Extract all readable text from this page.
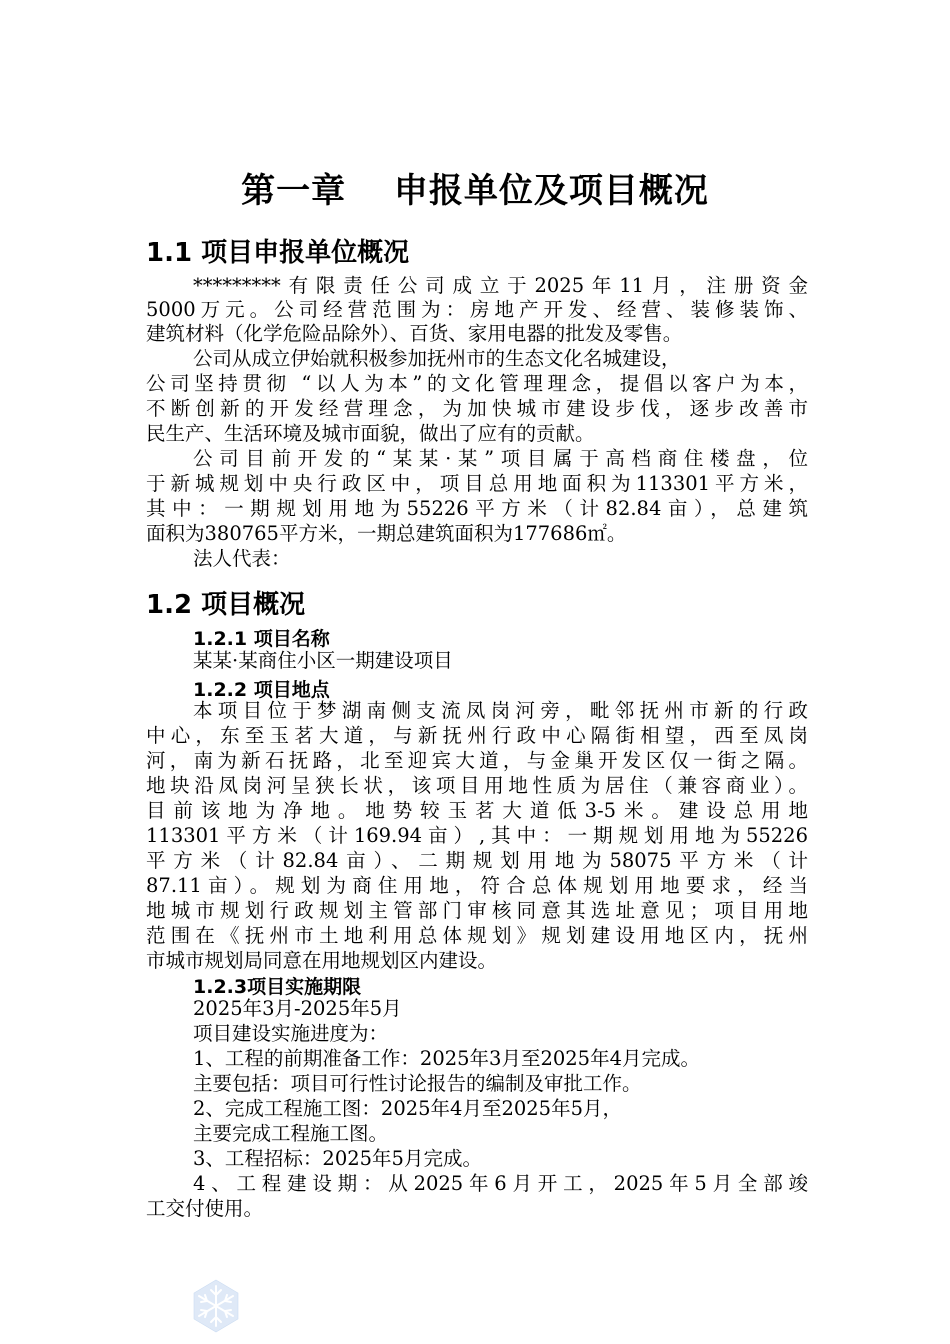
第一章　 申报单位及项目概况
1.1 项目申报单位概况
*********有限责任公司成立于2025年11月，注册资金
5000万元。公司经营范围为：房地产开发、经营、装修装饰、
建筑材料（化学危险品除外）、百货、家用电器的批发及零售。
公司从成立伊始就积极参加抚州市的生态文化名城建设，
公司坚持贯彻 “以人为本”的文化管理理念，提倡以客户为本，
不断创新的开发经营理念，为加快城市建设步伐，逐步改善市
民生产、生活环境及城市面貌，做出了应有的贡献。
公司目前开发的“某某·某”项目属于高档商住楼盘，位
于新城规划中央行政区中，项目总用地面积为113301平方米，
其中：一期规划用地为55226平方米（计82.84亩），总建筑
面积为380765平方米，一期总建筑面积为177686㎡。
法人代表：
1.2 项目概况
1.2.1 项目名称
某某·某商住小区一期建设项目
1.2.2 项目地点
本项目位于梦湖南侧支流凤岗河旁，毗邻抚州市新的行政
中心，东至玉茗大道，与新抚州行政中心隔街相望，西至凤岗
河，南为新石抚路，北至迎宾大道，与金巢开发区仅一街之隔。
地块沿凤岗河呈狭长状，该项目用地性质为居住（兼容商业）。
目前该地为净地。地势较玉茗大道低3-5米。建设总用地
113301平方米（计169.94亩）,其中：一期规划用地为55226
平方米（计82.84亩）、二期规划用地为58075平方米（计
87.11亩）。规划为商住用地，符合总体规划用地要求，经当
地城市规划行政规划主管部门审核同意其选址意见；项目用地
范围在《抚州市土地利用总体规划》规划建设用地区内，抚州
市城市规划局同意在用地规划区内建设。
1.2.3项目实施期限
2025年3月-2025年5月
项目建设实施进度为：
1、工程的前期准备工作：2025年3月至2025年4月完成。
主要包括：项目可行性讨论报告的编制及审批工作。
2、完成工程施工图：2025年4月至2025年5月，
主要完成工程施工图。
3、工程招标：2025年5月完成。
4、工程建设期：从2025年6月开工，2025年5月全部竣
工交付使用。
